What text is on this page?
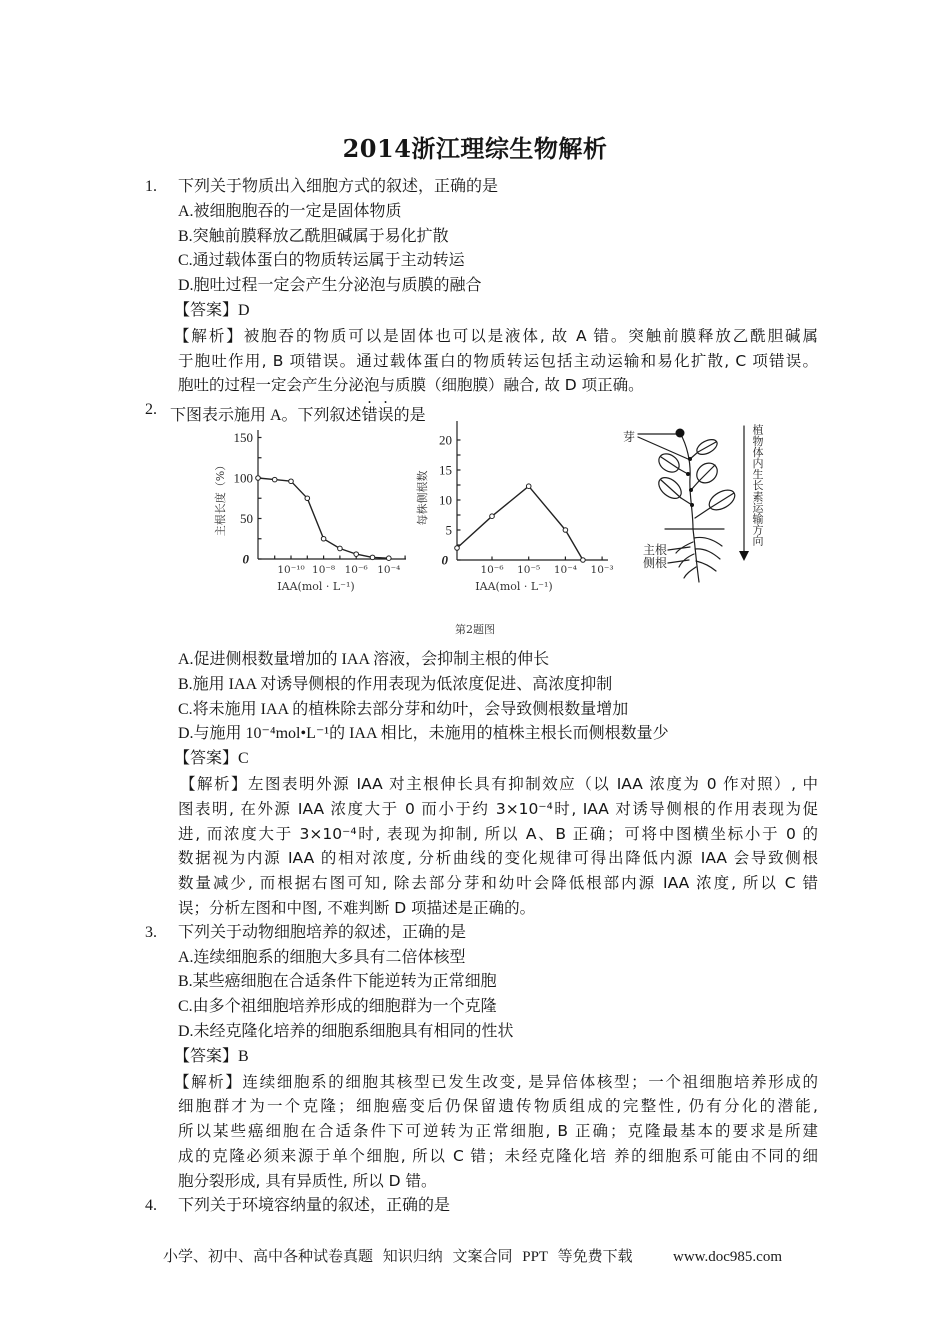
2014浙江理综生物解析
1. 下列关于物质出入细胞方式的叙述，正确的是
A.被细胞胞吞的一定是固体物质
B.突触前膜释放乙酰胆碱属于易化扩散
C.通过载体蛋白的物质转运属于主动转运
D.胞吐过程一定会产生分泌泡与质膜的融合
【答案】D
【解析】被胞吞的物质可以是固体也可以是液体, 故 A 错。突触前膜释放乙酰胆碱属
于胞吐作用, B 项错误。通过载体蛋白的物质转运包括主动运输和易化扩散, C 项错误。
胞吐的过程一定会产生分泌泡与质膜（细胞膜）融合, 故 D 项正确。
2. 下图表示施用 A。下列叙述错误的是
0
50
100
150
10⁻¹⁰ 10⁻⁸ 10⁻⁶ 10⁻⁴
0
5
10
15
20
10⁻⁶ 10⁻⁵ 10⁻⁴ 10⁻³
主根长度（%）
IAA(mol · L⁻¹)
每株侧根数
IAA(mol · L⁻¹)
芽
主根
侧根
植物体内生长素运输方向
第2题图
A.促进侧根数量增加的 IAA 溶液，会抑制主根的伸长
B.施用 IAA 对诱导侧根的作用表现为低浓度促进、高浓度抑制
C.将未施用 IAA 的植株除去部分芽和幼叶，会导致侧根数量增加
D.与施用 10⁻⁴mol•L⁻¹的 IAA 相比，未施用的植株主根长而侧根数量少
【答案】C
【解析】左图表明外源 IAA 对主根伸长具有抑制效应（以 IAA 浓度为 0 作对照）, 中
图表明, 在外源 IAA 浓度大于 0 而小于约 3×10⁻⁴时, IAA 对诱导侧根的作用表现为促
进, 而浓度大于 3×10⁻⁴时, 表现为抑制, 所以 A、B 正确；可将中图横坐标小于 0 的
数据视为内源 IAA 的相对浓度, 分析曲线的变化规律可得出降低内源 IAA 会导致侧根
数量减少, 而根据右图可知, 除去部分芽和幼叶会降低根部内源 IAA 浓度, 所以 C 错
误；分析左图和中图, 不难判断 D 项描述是正确的。
3. 下列关于动物细胞培养的叙述，正确的是
A.连续细胞系的细胞大多具有二倍体核型
B.某些癌细胞在合适条件下能逆转为正常细胞
C.由多个祖细胞培养形成的细胞群为一个克隆
D.未经克隆化培养的细胞系细胞具有相同的性状
【答案】B
【解析】连续细胞系的细胞其核型已发生改变, 是异倍体核型；一个祖细胞培养形成的
细胞群才为一个克隆；细胞癌变后仍保留遗传物质组成的完整性, 仍有分化的潜能,
所以某些癌细胞在合适条件下可逆转为正常细胞, B 正确；克隆最基本的要求是所建
成的克隆必须来源于单个细胞, 所以 C 错；未经克隆化培 养的细胞系可能由不同的细
胞分裂形成, 具有异质性, 所以 D 错。
4. 下列关于环境容纳量的叙述，正确的是
小学、初中、高中各种试卷真题 知识归纳 文案合同 PPT 等免费下载	www.doc985.com
